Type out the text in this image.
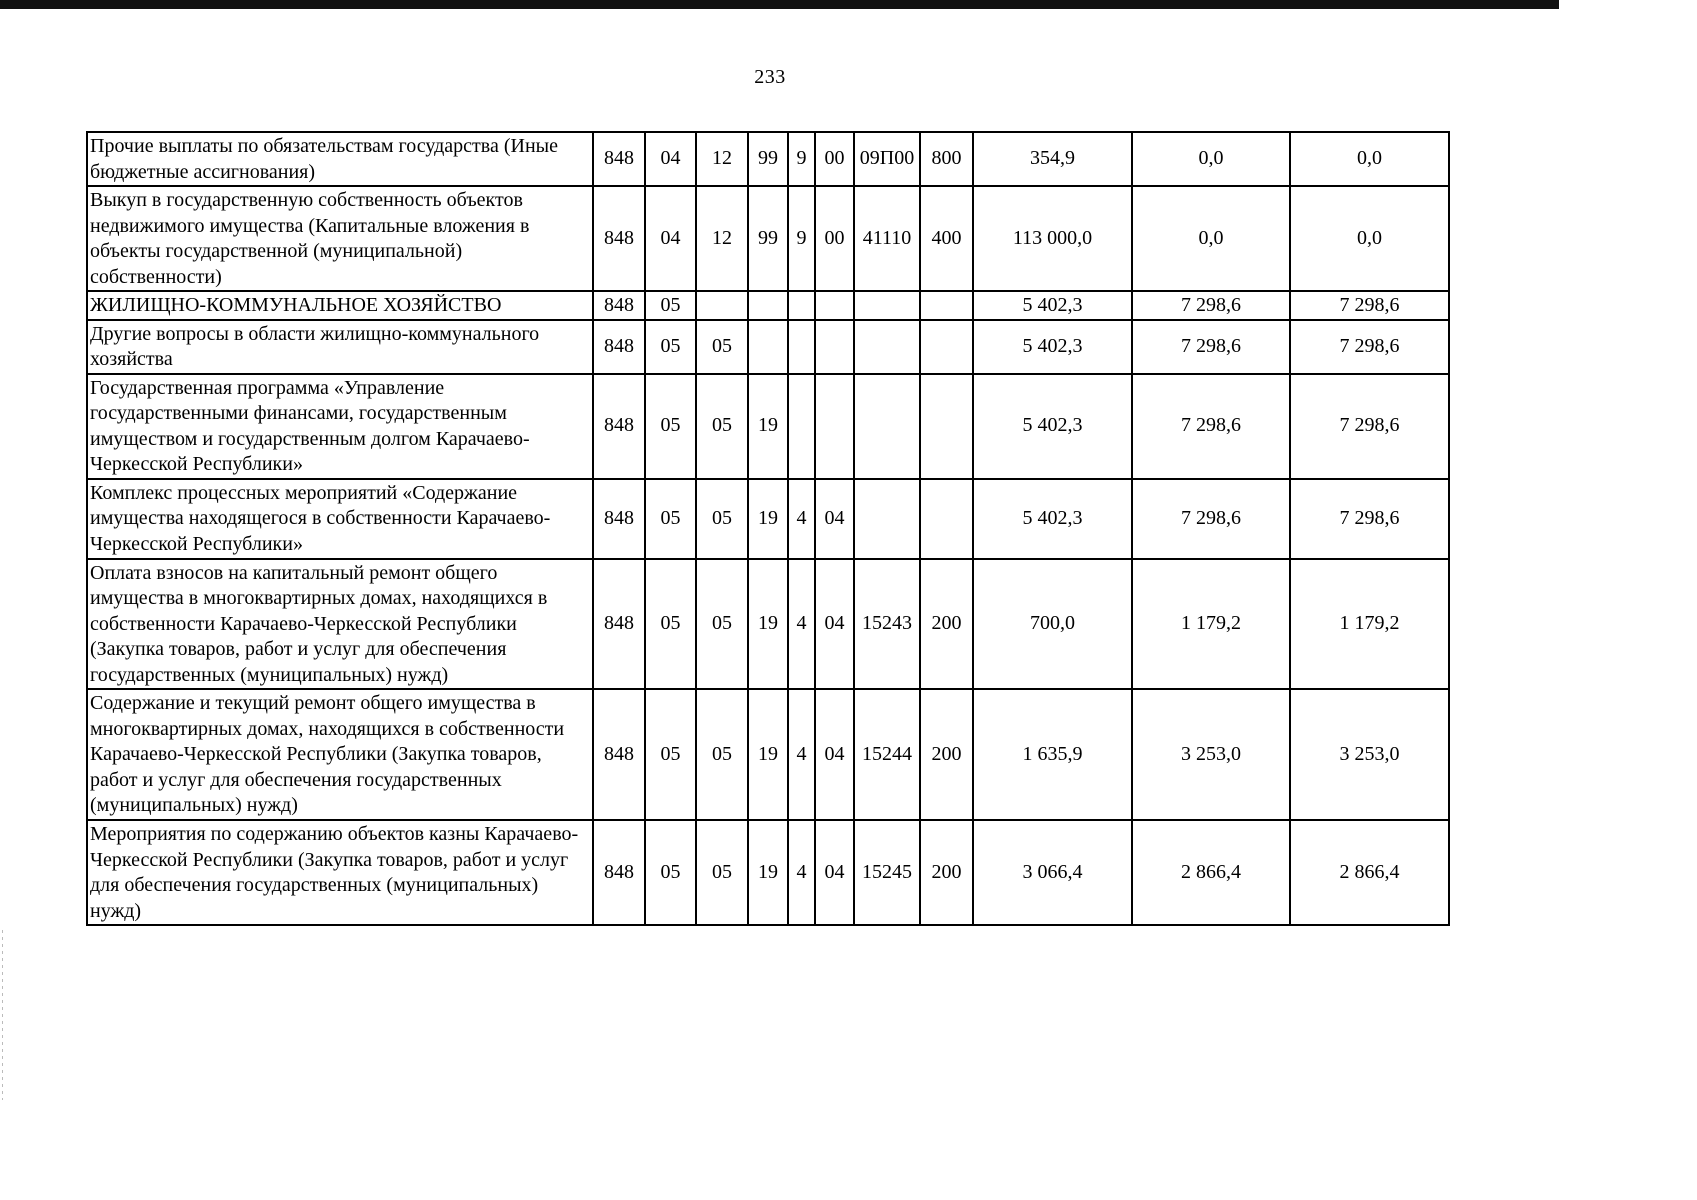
233
Прочие выплаты по обязательствам государства (Иные бюджетные ассигнования)	848	04	12	99	9	00	09П00	800	354,9	0,0	0,0
Выкуп в государственную собственность объектов недвижимого имущества (Капитальные вложения в объекты государственной (муниципальной) собственности)	848	04	12	99	9	00	41110	400	113 000,0	0,0	0,0
ЖИЛИЩНО-КОММУНАЛЬНОЕ ХОЗЯЙСТВО	848	05							5 402,3	7 298,6	7 298,6
Другие вопросы в области жилищно-коммунального хозяйства	848	05	05						5 402,3	7 298,6	7 298,6
Государственная программа «Управление государственными финансами, государственным имуществом и государственным долгом Карачаево-Черкесской Республики»	848	05	05	19					5 402,3	7 298,6	7 298,6
Комплекс процессных мероприятий «Содержание имущества находящегося в собственности Карачаево-Черкесской Республики»	848	05	05	19	4	04			5 402,3	7 298,6	7 298,6
Оплата взносов на капитальный ремонт общего имущества в многоквартирных домах, находящихся в собственности Карачаево-Черкесской Республики (Закупка товаров, работ и услуг для обеспечения государственных (муниципальных) нужд)	848	05	05	19	4	04	15243	200	700,0	1 179,2	1 179,2
Содержание и текущий ремонт общего имущества в многоквартирных домах, находящихся в собственности Карачаево-Черкесской Республики (Закупка товаров, работ и услуг для обеспечения государственных (муниципальных) нужд)	848	05	05	19	4	04	15244	200	1 635,9	3 253,0	3 253,0
Мероприятия по содержанию объектов казны Карачаево-Черкесской Республики (Закупка товаров, работ и услуг для обеспечения государственных (муниципальных) нужд)	848	05	05	19	4	04	15245	200	3 066,4	2 866,4	2 866,4
